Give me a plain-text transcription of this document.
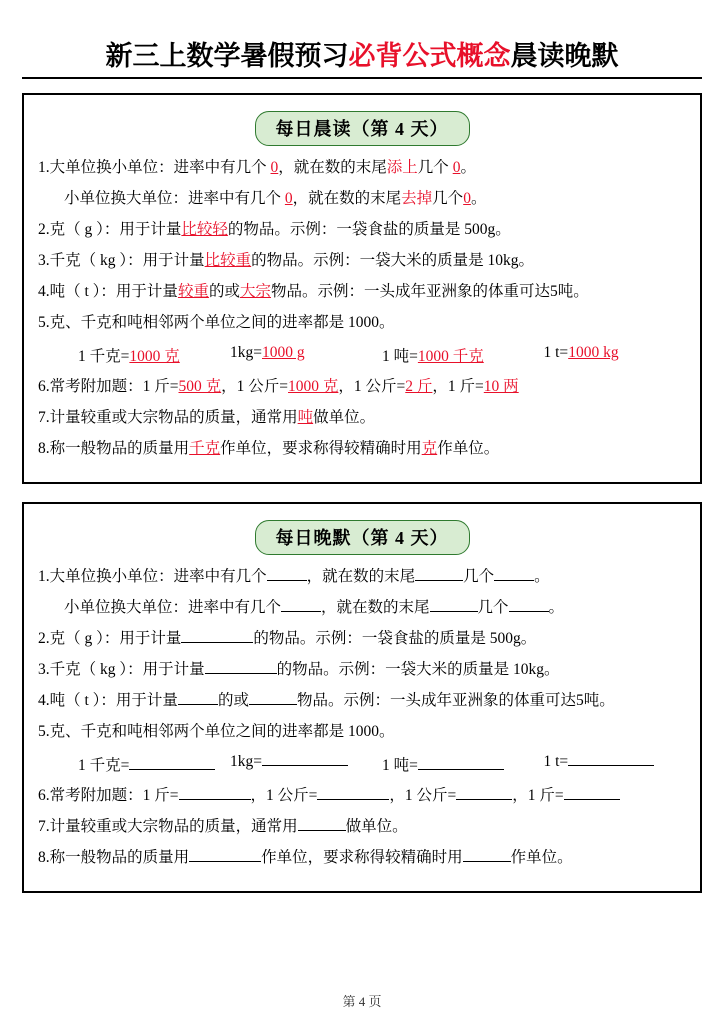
新三上数学暑假预习必背公式概念晨读晚默
每日晨读（第 4 天）
1.大单位换小单位：进率中有几个 0，就在数的末尾添上几个 0。
小单位换大单位：进率中有几个 0，就在数的末尾去掉几个0。
2.克（ g ）：用于计量比较轻的物品。示例：一袋食盐的质量是 500g。
3.千克（ kg ）：用于计量比较重的物品。示例：一袋大米的质量是 10kg。
4.吨（ t ）：用于计量较重的或大宗物品。示例：一头成年亚洲象的体重可达5吨。
5.克、千克和吨相邻两个单位之间的进率都是 1000。
1 千克=1000 克	1kg=1000 g	1 吨=1000 千克	1 t=1000 kg
6.常考附加题：1 斤=500 克，1 公斤=1000 克，1 公斤=2 斤，1 斤=10 两
7.计量较重或大宗物品的质量，通常用吨做单位。
8.称一般物品的质量用千克作单位，要求称得较精确时用克作单位。
每日晚默（第 4 天）
1.大单位换小单位：进率中有几个	，就在数的末尾	几个	。
小单位换大单位：进率中有几个	，就在数的末尾	几个	。
2.克（ g ）：用于计量	的物品。示例：一袋食盐的质量是 500g。
3.千克（ kg ）：用于计量	的物品。示例：一袋大米的质量是 10kg。
4.吨（ t ）：用于计量	的或	物品。示例：一头成年亚洲象的体重可达5吨。
5.克、千克和吨相邻两个单位之间的进率都是 1000。
1 千克=	1kg=	1 吨=	1 t=
6.常考附加题：1 斤=	，1 公斤=	，1 公斤=	，1 斤=
7.计量较重或大宗物品的质量，通常用	做单位。
8.称一般物品的质量用	作单位，要求称得较精确时用	作单位。
第 4 页
